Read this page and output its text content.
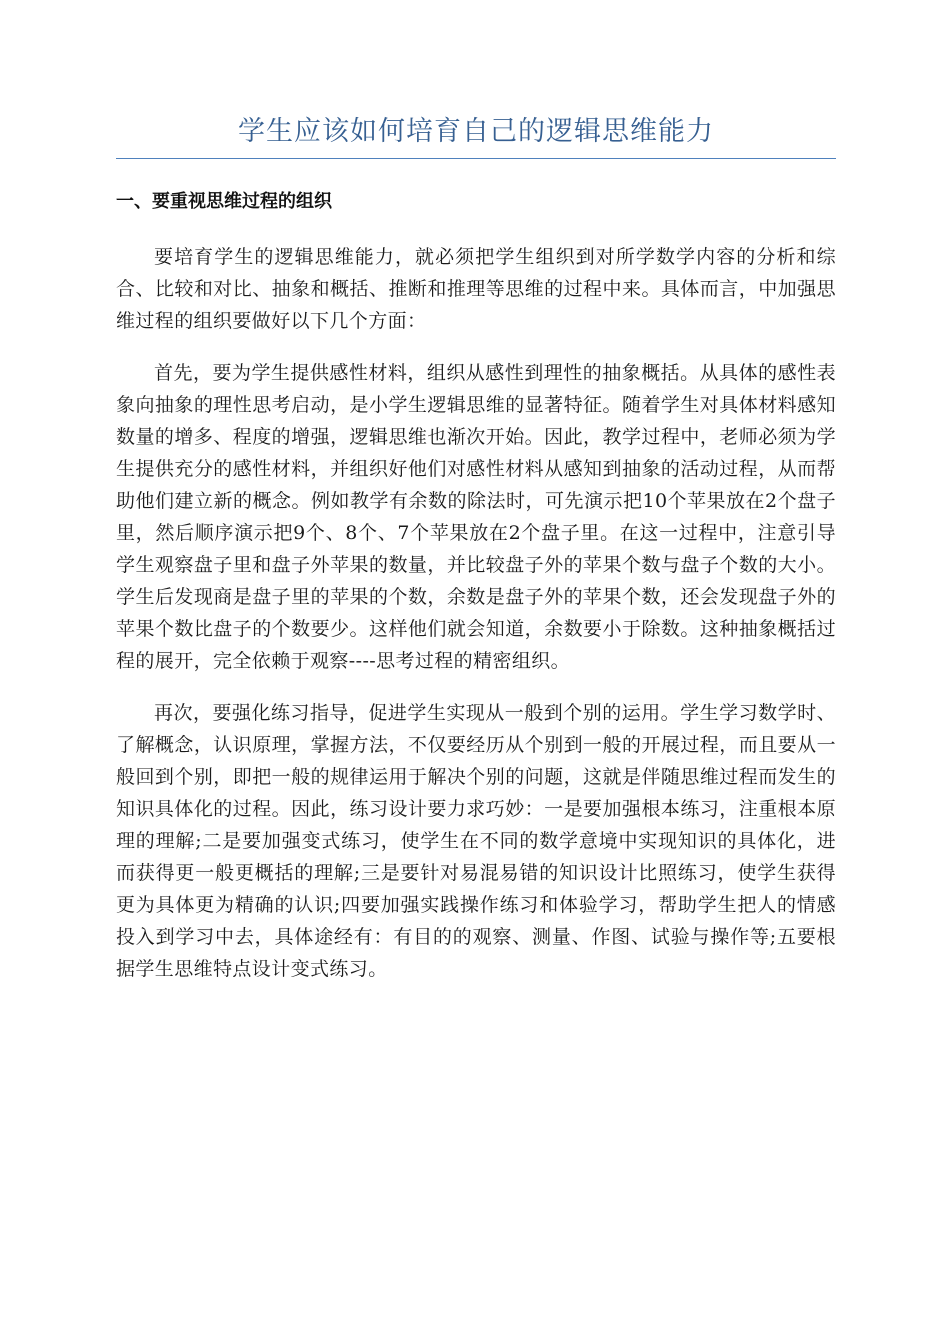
学生应该如何培育自己的逻辑思维能力
一、要重视思维过程的组织

要培育学生的逻辑思维能力，就必须把学生组织到对所学数学内容的分析和综合、比较和对比、抽象和概括、推断和推理等思维的过程中来。具体而言，中加强思维过程的组织要做好以下几个方面：

首先，要为学生提供感性材料，组织从感性到理性的抽象概括。从具体的感性表象向抽象的理性思考启动，是小学生逻辑思维的显著特征。随着学生对具体材料感知数量的增多、程度的增强，逻辑思维也渐次开始。因此，教学过程中，老师必须为学生提供充分的感性材料，并组织好他们对感性材料从感知到抽象的活动过程，从而帮助他们建立新的概念。例如教学有余数的除法时，可先演示把10个苹果放在2个盘子里，然后顺序演示把9个、8个、7个苹果放在2个盘子里。在这一过程中，注意引导学生观察盘子里和盘子外苹果的数量，并比较盘子外的苹果个数与盘子个数的大小。学生后发现商是盘子里的苹果的个数，余数是盘子外的苹果个数，还会发现盘子外的苹果个数比盘子的个数要少。这样他们就会知道，余数要小于除数。这种抽象概括过程的展开，完全依赖于观察----思考过程的精密组织。

再次，要强化练习指导，促进学生实现从一般到个别的运用。学生学习数学时、了解概念，认识原理，掌握方法，不仅要经历从个别到一般的开展过程，而且要从一般回到个别，即把一般的规律运用于解决个别的问题，这就是伴随思维过程而发生的知识具体化的过程。因此，练习设计要力求巧妙：一是要加强根本练习，注重根本原理的理解;二是要加强变式练习，使学生在不同的数学意境中实现知识的具体化，进而获得更一般更概括的理解;三是要针对易混易错的知识设计比照练习，使学生获得更为具体更为精确的认识;四要加强实践操作练习和体验学习，帮助学生把人的情感投入到学习中去，具体途经有：有目的的观察、测量、作图、试验与操作等;五要根据学生思维特点设计变式练习。
